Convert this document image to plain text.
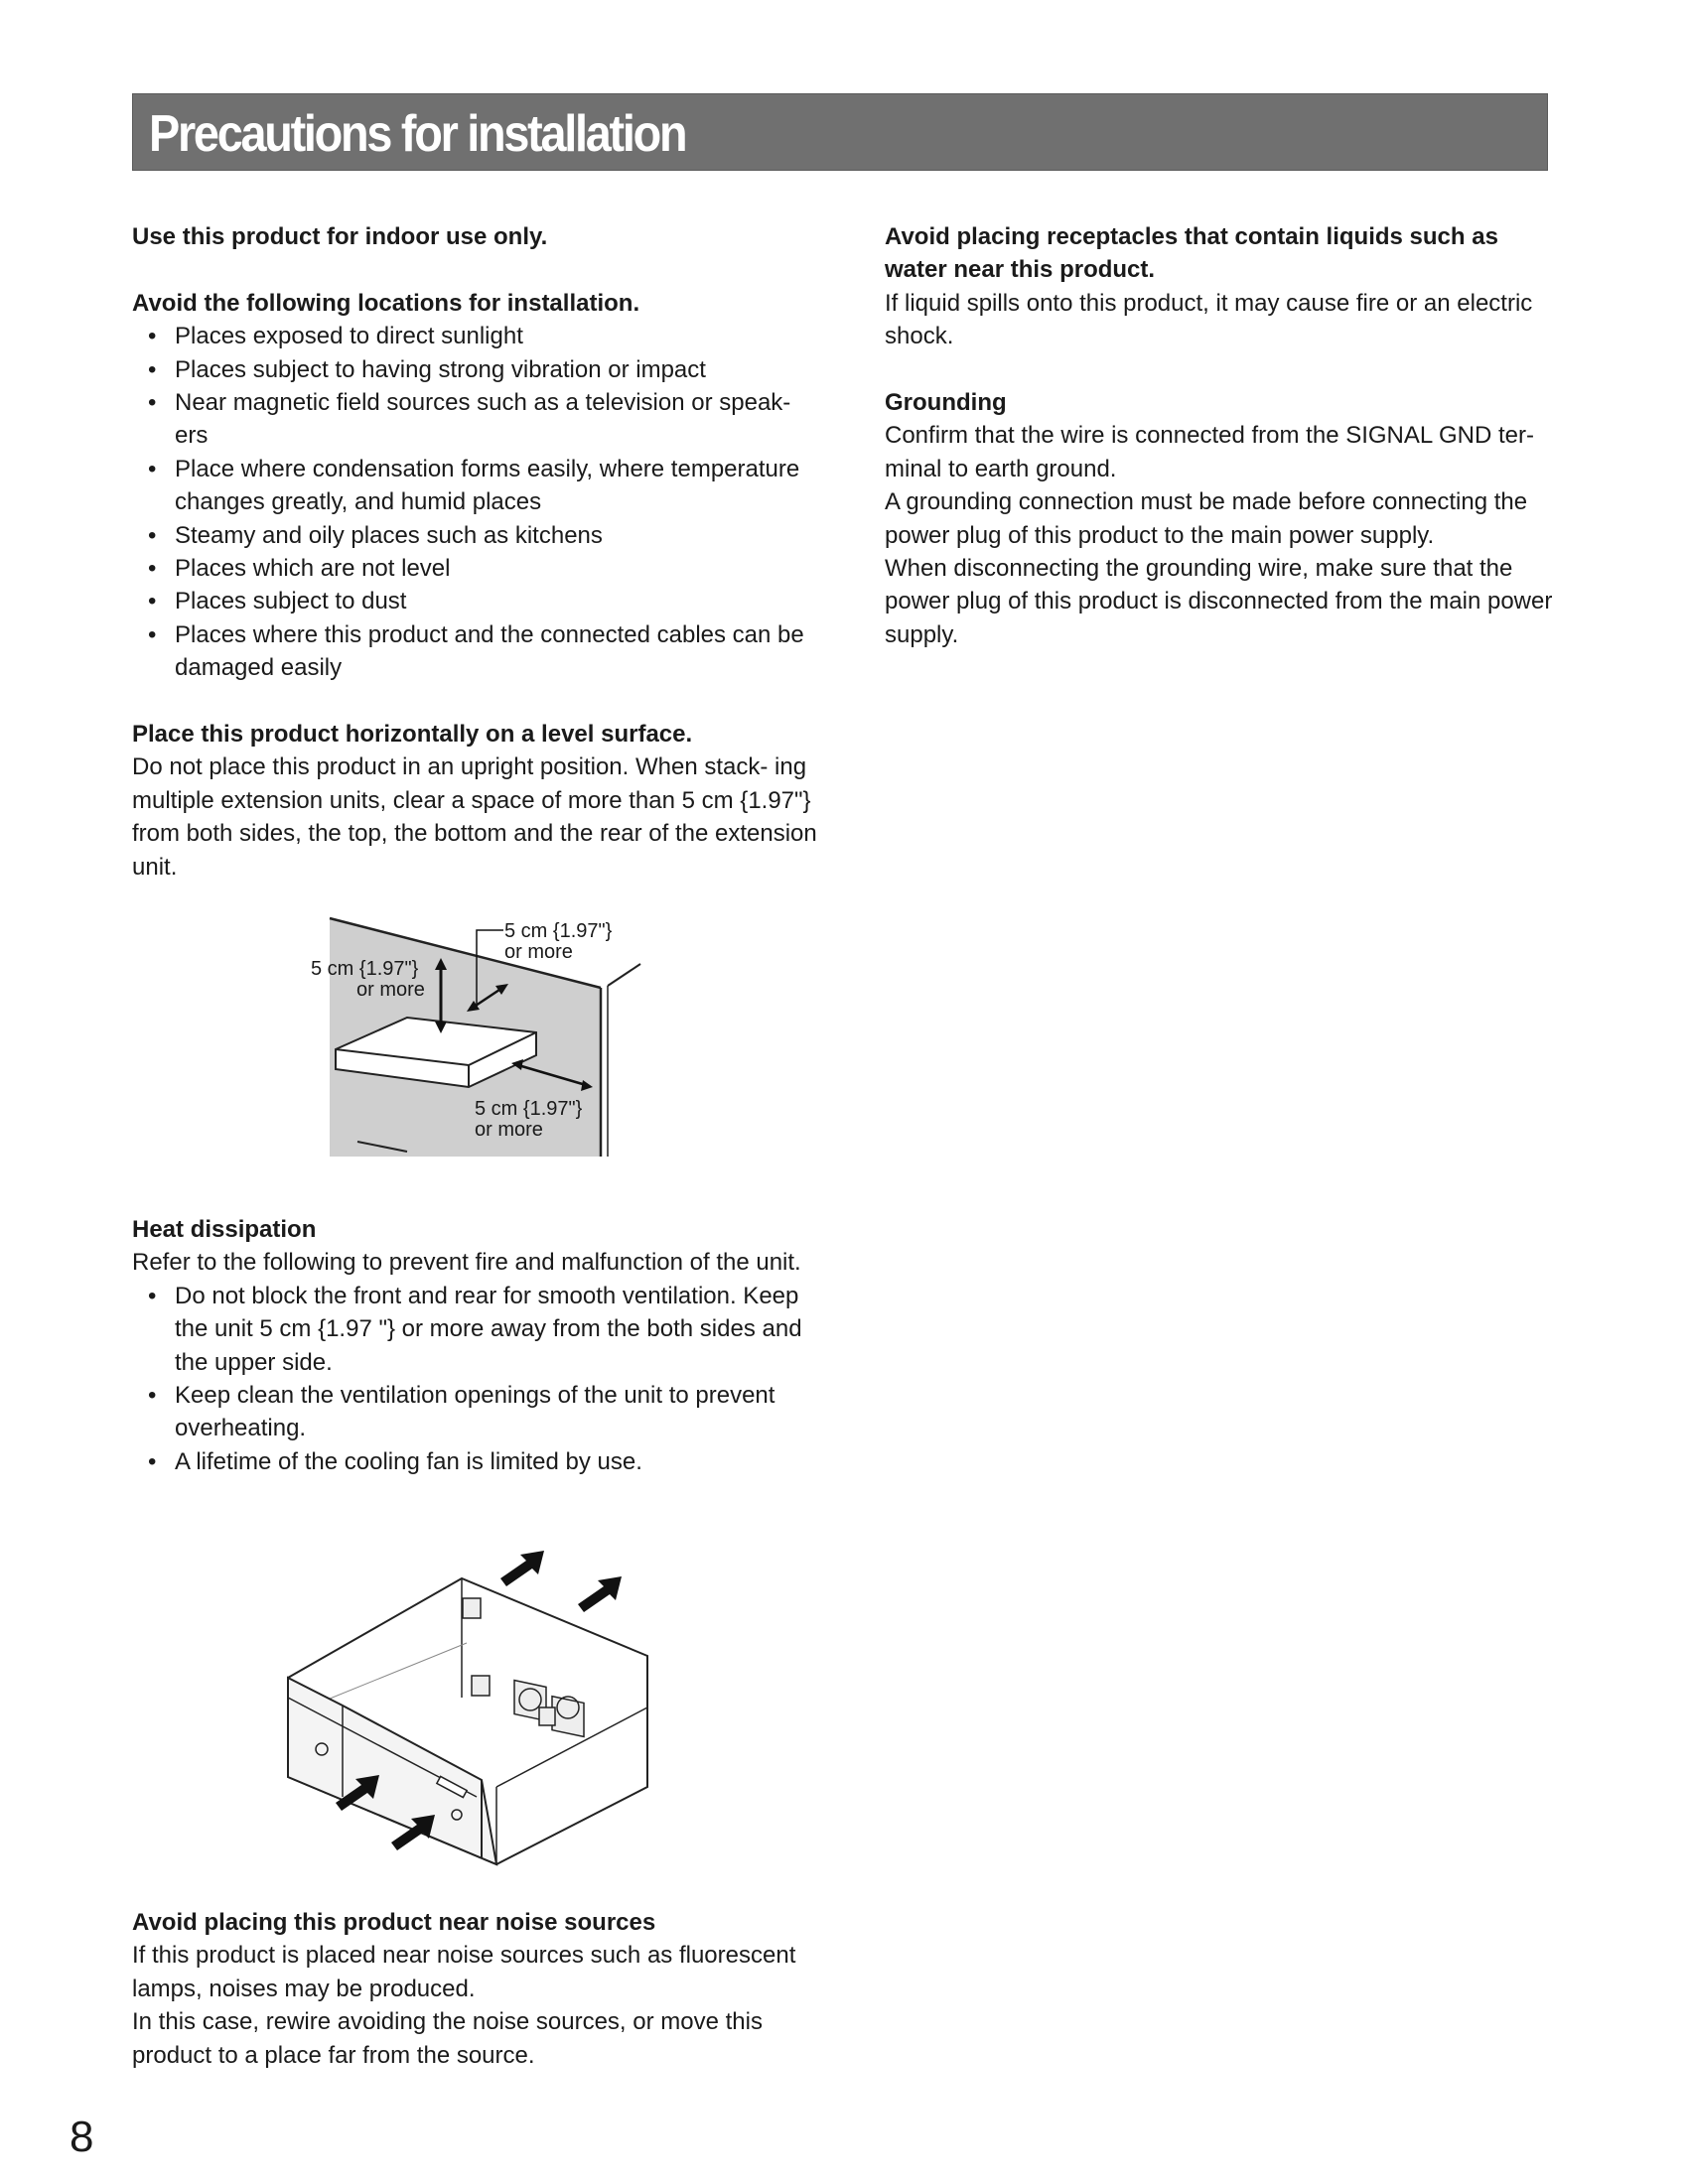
Precautions for installation

Use this product for indoor use only.

Avoid the following locations for installation.

• Places exposed to direct sunlight
• Places subject to having strong vibration or impact
• Near magnetic field sources such as a television or speak- ers
• Place where condensation forms easily, where temperature changes greatly, and humid places
• Steamy and oily places such as kitchens
• Places which are not level
• Places subject to dust
• Places where this product and the connected cables can be damaged easily

Place this product horizontally on a level surface.

Do not place this product in an upright position. When stack- ing multiple extension units, clear a space of more than 5 cm {1.97"} from both sides, the top, the bottom and the rear of the extension unit.

5 cm {1.97"}
or more
5 cm {1.97"}
or more
5 cm {1.97"}
or more

Heat dissipation

Refer to the following to prevent fire and malfunction of the unit.

• Do not block the front and rear for smooth ventilation. Keep the unit 5 cm {1.97 "} or more away from the both sides and the upper side.
• Keep clean the ventilation openings of the unit to prevent overheating.
• A lifetime of the cooling fan is limited by use.

Avoid placing this product near noise sources

If this product is placed near noise sources such as fluorescent lamps, noises may be produced.

In this case, rewire avoiding the noise sources, or move this product to a place far from the source.

Avoid placing receptacles that contain liquids such as water near this product.

If liquid spills onto this product, it may cause fire or an electric shock.

Grounding

Confirm that the wire is connected from the SIGNAL GND ter- minal to earth ground.

A grounding connection must be made before connecting the power plug of this product to the main power supply.

When disconnecting the grounding wire, make sure that the power plug of this product is disconnected from the main power supply.

8
